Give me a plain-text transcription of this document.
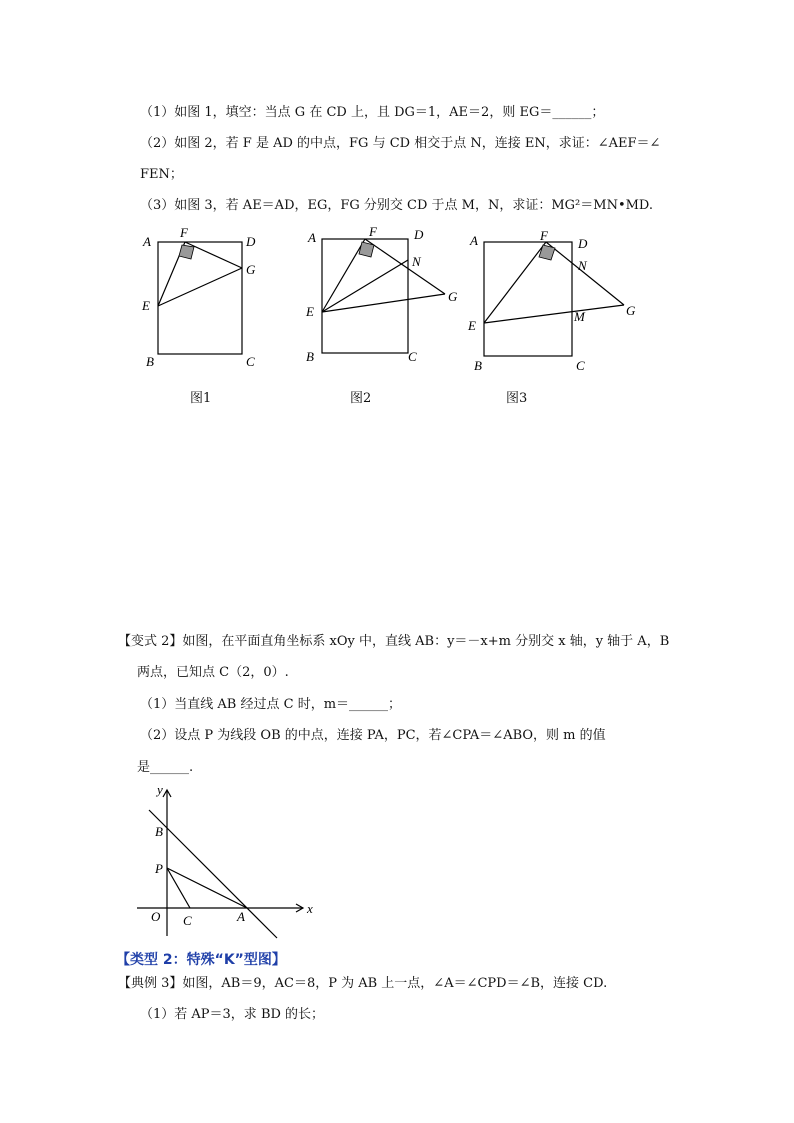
（1）如图 1，填空：当点 G 在 CD 上，且 DG＝1，AE＝2，则 EG＝______；
（2）如图 2，若 F 是 AD 的中点，FG 与 CD 相交于点 N，连接 EN，求证：∠AEF＝∠
FEN；
（3）如图 3，若 AE＝AD，EG，FG 分别交 CD 于点 M，N，求证：MG²＝MN•MD.
A
F
D
G
E
B	C
图1
A	F	D
N
G
E
B	C
图2
A	F
D
N
G
M
E
B	C
图3
【变式 2】如图，在平面直角坐标系 xOy 中，直线 AB：y＝－x+m 分别交 x 轴，y 轴于 A，B
两点，已知点 C（2，0）.
（1）当直线 AB 经过点 C 时，m＝______；
（2）设点 P 为线段 OB 的中点，连接 PA，PC，若∠CPA＝∠ABO，则 m 的值
是______.
y
x
B
P
O C	A
【类型 2：特殊“K”型图】
【典例 3】如图，AB＝9，AC＝8，P 为 AB 上一点，∠A＝∠CPD＝∠B，连接 CD.
（1）若 AP＝3，求 BD 的长；
